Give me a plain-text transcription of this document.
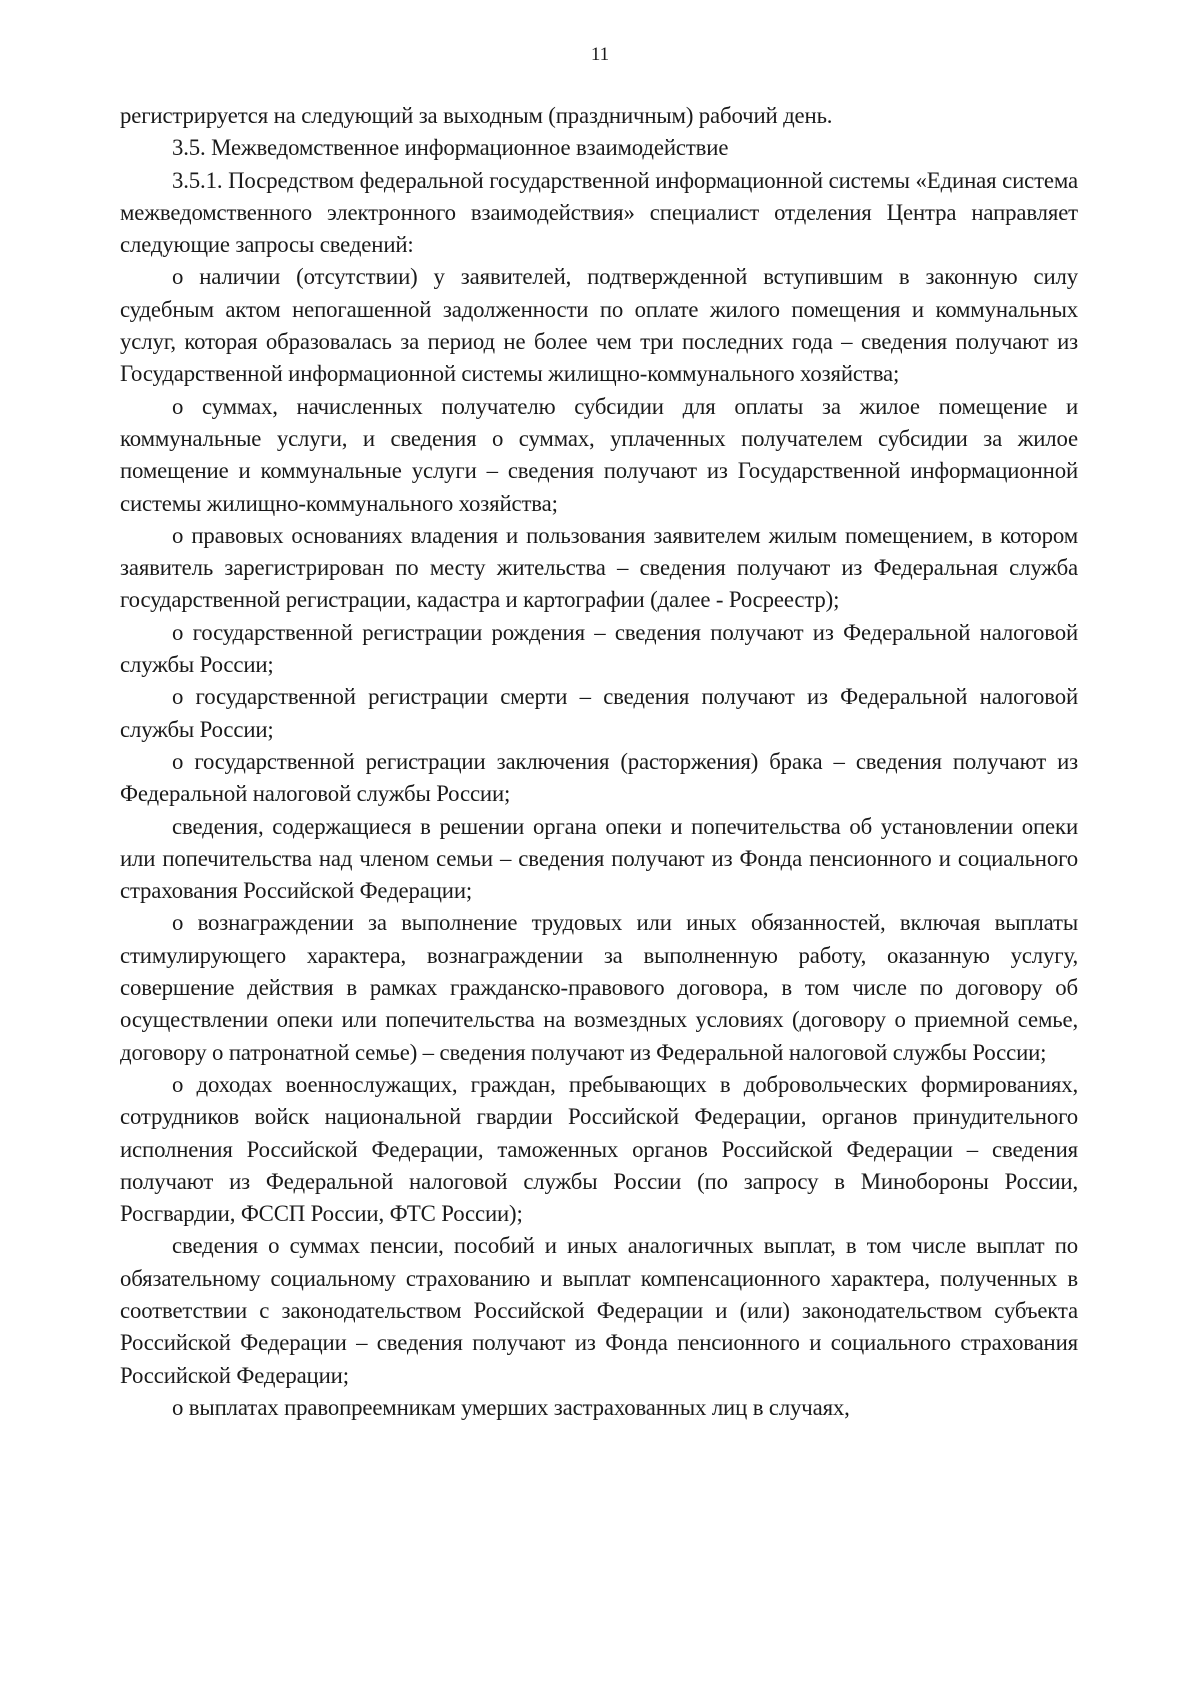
11

регистрируется на следующий за выходным (праздничным) рабочий день.

3.5. Межведомственное информационное взаимодействие

3.5.1. Посредством федеральной государственной информационной системы «Единая система межведомственного электронного взаимодействия» специалист отделения Центра направляет следующие запросы сведений:

о наличии (отсутствии) у заявителей, подтвержденной вступившим в законную силу судебным актом непогашенной задолженности по оплате жилого помещения и коммунальных услуг, которая образовалась за период не более чем три последних года – сведения получают из Государственной информационной системы жилищно-коммунального хозяйства;

о суммах, начисленных получателю субсидии для оплаты за жилое помещение и коммунальные услуги, и сведения о суммах, уплаченных получателем субсидии за жилое помещение и коммунальные услуги – сведения получают из Государственной информационной системы жилищно-коммунального хозяйства;

о правовых основаниях владения и пользования заявителем жилым помещением, в котором заявитель зарегистрирован по месту жительства – сведения получают из Федеральная служба государственной регистрации, кадастра и картографии (далее - Росреестр);

о государственной регистрации рождения – сведения получают из Федеральной налоговой службы России;

о государственной регистрации смерти – сведения получают из Федеральной налоговой службы России;

о государственной регистрации заключения (расторжения) брака – сведения получают из Федеральной налоговой службы России;

сведения, содержащиеся в решении органа опеки и попечительства об установлении опеки или попечительства над членом семьи – сведения получают из Фонда пенсионного и социального страхования Российской Федерации;

о вознаграждении за выполнение трудовых или иных обязанностей, включая выплаты стимулирующего характера, вознаграждении за выполненную работу, оказанную услугу, совершение действия в рамках гражданско-правового договора, в том числе по договору об осуществлении опеки или попечительства на возмездных условиях (договору о приемной семье, договору о патронатной семье) – сведения получают из Федеральной налоговой службы России;

о доходах военнослужащих, граждан, пребывающих в добровольческих формированиях, сотрудников войск национальной гвардии Российской Федерации, органов принудительного исполнения Российской Федерации, таможенных органов Российской Федерации – сведения получают из Федеральной налоговой службы России (по запросу в Минобороны России, Росгвардии, ФССП России, ФТС России);

сведения о суммах пенсии, пособий и иных аналогичных выплат, в том числе выплат по обязательному социальному страхованию и выплат компенсационного характера, полученных в соответствии с законодательством Российской Федерации и (или) законодательством субъекта Российской Федерации – сведения получают из Фонда пенсионного и социального страхования Российской Федерации;

о выплатах правопреемникам умерших застрахованных лиц в случаях,
